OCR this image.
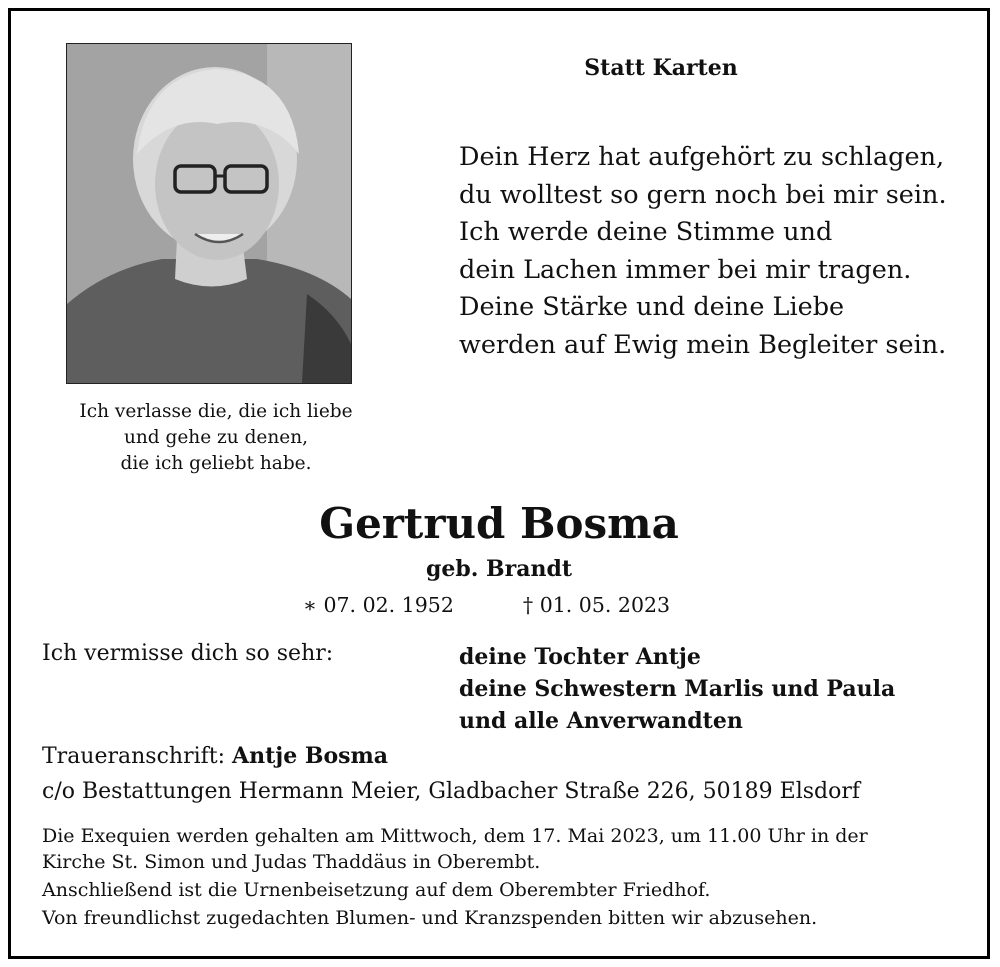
Ich verlasse die, die ich liebe
und gehe zu denen,
die ich geliebt habe.
Statt Karten
Dein Herz hat aufgehört zu schlagen,
du wolltest so gern noch bei mir sein.
Ich werde deine Stimme und
dein Lachen immer bei mir tragen.
Deine Stärke und deine Liebe
werden auf Ewig mein Begleiter sein.
Gertrud Bosma
geb. Brandt
∗ 07. 02. 1952	† 01. 05. 2023
Ich vermisse dich so sehr:	deine Tochter Antje
deine Schwestern Marlis und Paula
und alle Anverwandten
Traueranschrift: Antje Bosma
c/o Bestattungen Hermann Meier, Gladbacher Straße 226, 50189 Elsdorf
Die Exequien werden gehalten am Mittwoch, dem 17. Mai 2023, um 11.00 Uhr in der
Kirche St. Simon und Judas Thaddäus in Oberembt.
Anschließend ist die Urnenbeisetzung auf dem Oberembter Friedhof.
Von freundlichst zugedachten Blumen- und Kranzspenden bitten wir abzusehen.
